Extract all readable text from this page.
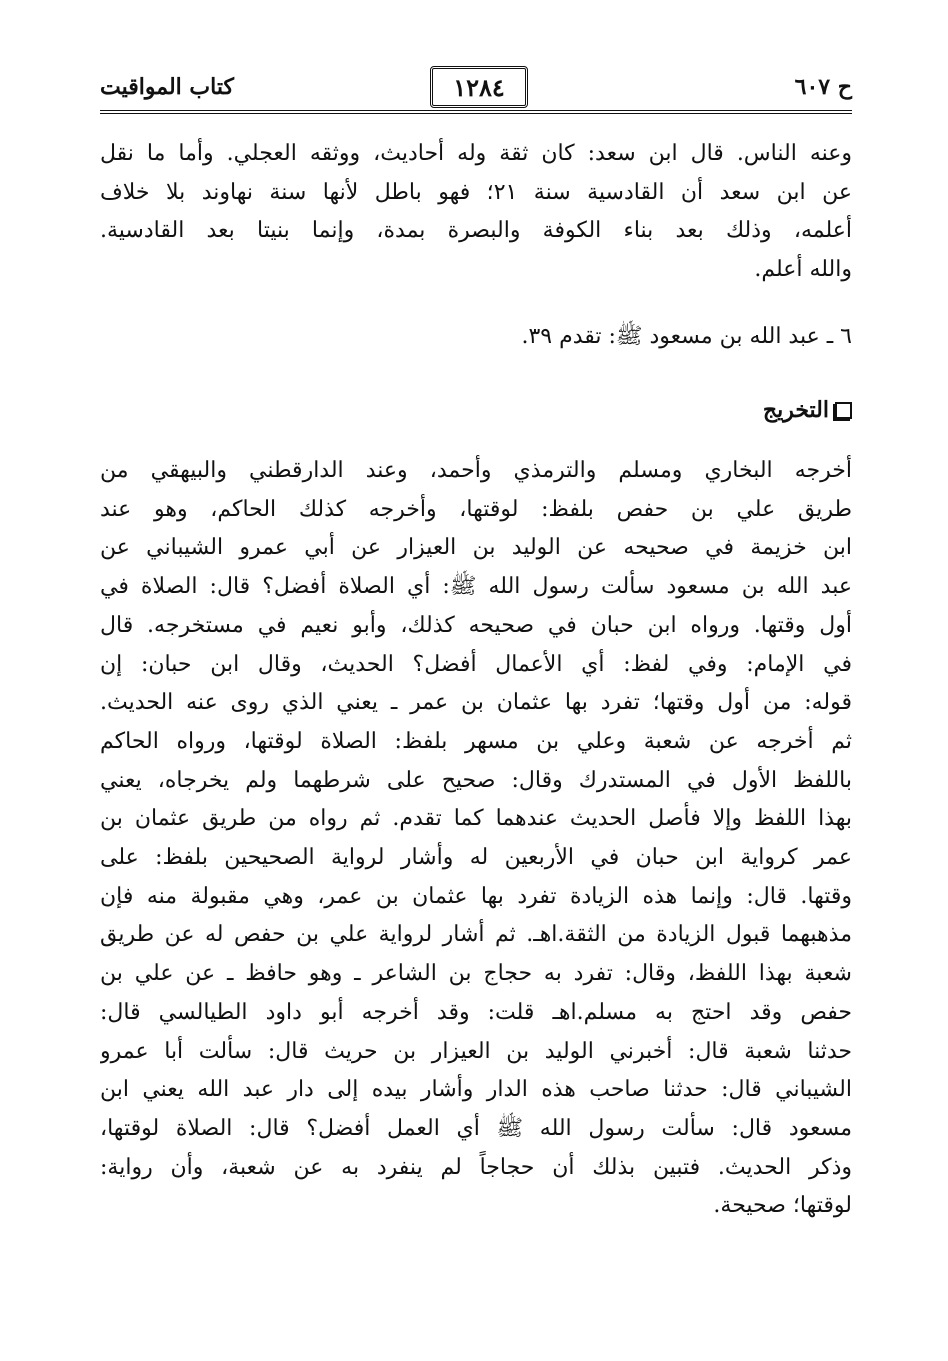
ح ٦٠٧
١٢٨٤
كتاب المواقيت
وعنه الناس. قال ابن سعد: كان ثقة وله أحاديث، ووثقه العجلي. وأما ما نقل
عن ابن سعد أن القادسية سنة ٢١؛ فهو باطل لأنها سنة نهاوند بلا خلاف
أعلمه، وذلك بعد بناء الكوفة والبصرة بمدة، وإنما بنيتا بعد القادسية.
والله أعلم.
٦ ـ عبد الله بن مسعود ﷺ: تقدم ٣٩.
التخريج
أخرجه البخاري ومسلم والترمذي وأحمد، وعند الدارقطني والبيهقي من
طريق علي بن حفص بلفظ: لوقتها، وأخرجه كذلك الحاكم، وهو عند
ابن خزيمة في صحيحه عن الوليد بن العيزار عن أبي عمرو الشيباني عن
عبد الله بن مسعود سألت رسول الله ﷺ: أي الصلاة أفضل؟ قال: الصلاة في
أول وقتها. ورواه ابن حبان في صحيحه كذلك، وأبو نعيم في مستخرجه. قال
في الإمام: وفي لفظ: أي الأعمال أفضل؟ الحديث، وقال ابن حبان: إن
قوله: من أول وقتها؛ تفرد بها عثمان بن عمر ـ يعني الذي روى عنه الحديث.
ثم أخرجه عن شعبة وعلي بن مسهر بلفظ: الصلاة لوقتها، ورواه الحاكم
باللفظ الأول في المستدرك وقال: صحيح على شرطهما ولم يخرجاه، يعني
بهذا اللفظ وإلا فأصل الحديث عندهما كما تقدم. ثم رواه من طريق عثمان بن
عمر كرواية ابن حبان في الأربعين له وأشار لرواية الصحيحين بلفظ: على
وقتها. قال: وإنما هذه الزيادة تفرد بها عثمان بن عمر، وهي مقبولة منه فإن
مذهبهما قبول الزيادة من الثقة.اهـ. ثم أشار لرواية علي بن حفص له عن طريق
شعبة بهذا اللفظ، وقال: تفرد به حجاج بن الشاعر ـ وهو حافظ ـ عن علي بن
حفص وقد احتج به مسلم.اهـ قلت: وقد أخرجه أبو داود الطيالسي قال:
حدثنا شعبة قال: أخبرني الوليد بن العيزار بن حريث قال: سألت أبا عمرو
الشيباني قال: حدثنا صاحب هذه الدار وأشار بيده إلى دار عبد الله يعني ابن
مسعود قال: سألت رسول الله ﷺ أي العمل أفضل؟ قال: الصلاة لوقتها،
وذكر الحديث. فتبين بذلك أن حجاجاً لم ينفرد به عن شعبة، وأن رواية:
لوقتها؛ صحيحة.
